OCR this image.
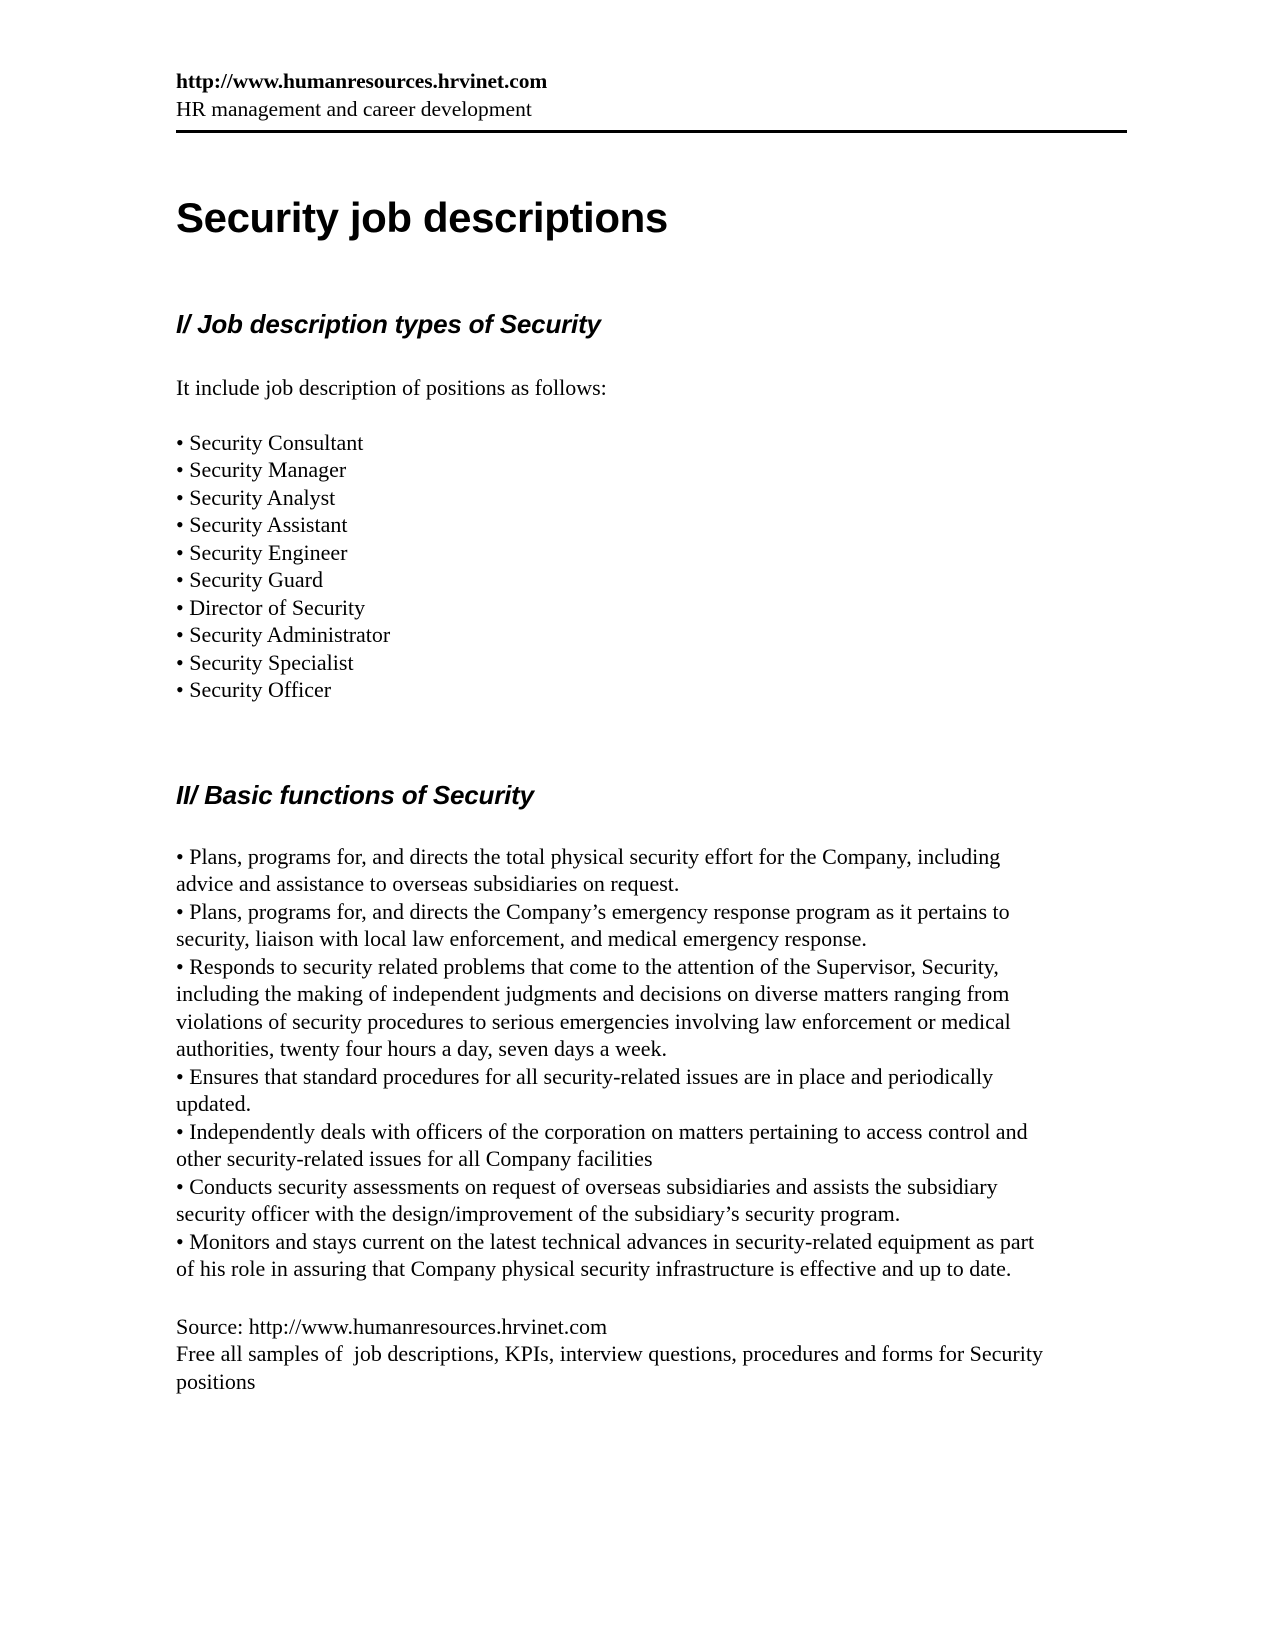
http://www.humanresources.hrvinet.com
HR management and career development
Security job descriptions
I/ Job description types of Security

It include job description of positions as follows:

• Security Consultant
• Security Manager
• Security Analyst
• Security Assistant
• Security Engineer
• Security Guard
• Director of Security
• Security Administrator
• Security Specialist
• Security Officer
II/ Basic functions of Security
• Plans, programs for, and directs the total physical security effort for the Company, including advice and assistance to overseas subsidiaries on request.
• Plans, programs for, and directs the Company’s emergency response program as it pertains to security, liaison with local law enforcement, and medical emergency response.
• Responds to security related problems that come to the attention of the Supervisor, Security, including the making of independent judgments and decisions on diverse matters ranging from violations of security procedures to serious emergencies involving law enforcement or medical authorities, twenty four hours a day, seven days a week.
• Ensures that standard procedures for all security-related issues are in place and periodically updated.
• Independently deals with officers of the corporation on matters pertaining to access control and other security-related issues for all Company facilities
• Conducts security assessments on request of overseas subsidiaries and assists the subsidiary security officer with the design/improvement of the subsidiary’s security program.
• Monitors and stays current on the latest technical advances in security-related equipment as part of his role in assuring that Company physical security infrastructure is effective and up to date.

Source: http://www.humanresources.hrvinet.com

Free all samples of  job descriptions, KPIs, interview questions, procedures and forms for Security positions
